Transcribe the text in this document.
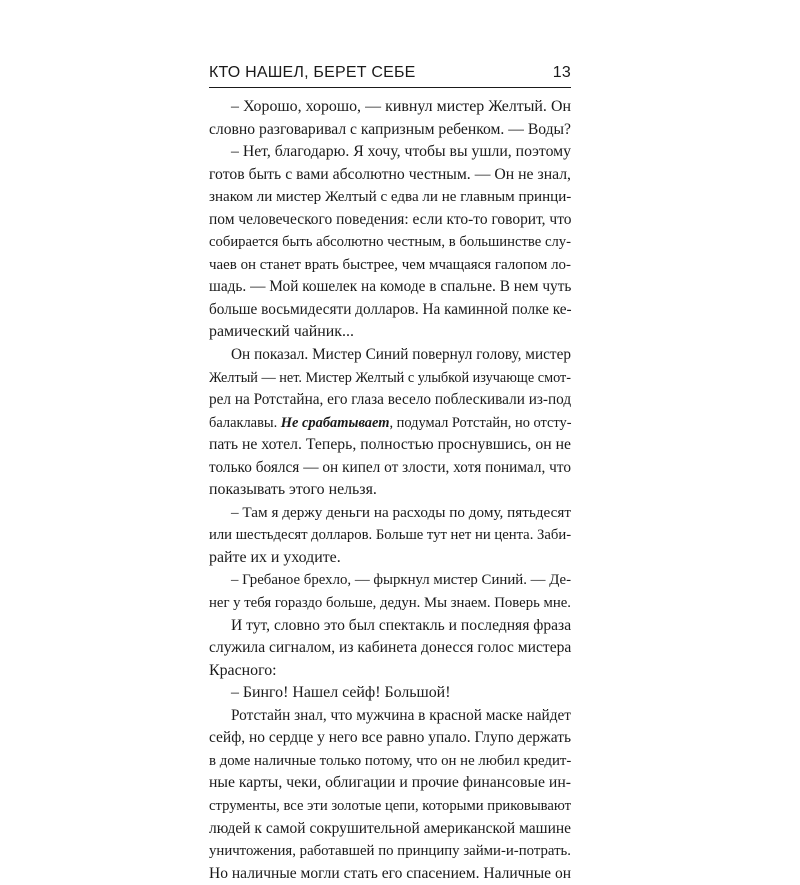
КТО НАШЕЛ, БЕРЕТ СЕБЕ	13
– Хорошо, хорошо, — кивнул мистер Желтый. Он
словно разговаривал с капризным ребенком. — Воды?
– Нет, благодарю. Я хочу, чтобы вы ушли, поэтому
готов быть с вами абсолютно честным. — Он не знал,
знаком ли мистер Желтый с едва ли не главным принци-
пом человеческого поведения: если кто-то говорит, что
собирается быть абсолютно честным, в большинстве слу-
чаев он станет врать быстрее, чем мчащаяся галопом ло-
шадь. — Мой кошелек на комоде в спальне. В нем чуть
больше восьмидесяти долларов. На каминной полке ке-
рамический чайник...
Он показал. Мистер Синий повернул голову, мистер
Желтый — нет. Мистер Желтый с улыбкой изучающе смот-
рел на Ротстайна, его глаза весело поблескивали из-под
балаклавы. Не срабатывает, подумал Ротстайн, но отсту-
пать не хотел. Теперь, полностью проснувшись, он не
только боялся — он кипел от злости, хотя понимал, что
показывать этого нельзя.
– Там я держу деньги на расходы по дому, пятьдесят
или шестьдесят долларов. Больше тут нет ни цента. Заби-
райте их и уходите.
– Гребаное брехло, — фыркнул мистер Синий. — Де-
нег у тебя гораздо больше, дедун. Мы знаем. Поверь мне.
И тут, словно это был спектакль и последняя фраза
служила сигналом, из кабинета донесся голос мистера
Красного:
– Бинго! Нашел сейф! Большой!
Ротстайн знал, что мужчина в красной маске найдет
сейф, но сердце у него все равно упало. Глупо держать
в доме наличные только потому, что он не любил кредит-
ные карты, чеки, облигации и прочие финансовые ин-
струменты, все эти золотые цепи, которыми приковывают
людей к самой сокрушительной американской машине
уничтожения, работавшей по принципу займи-и-потрать.
Но наличные могли стать его спасением. Наличные он
